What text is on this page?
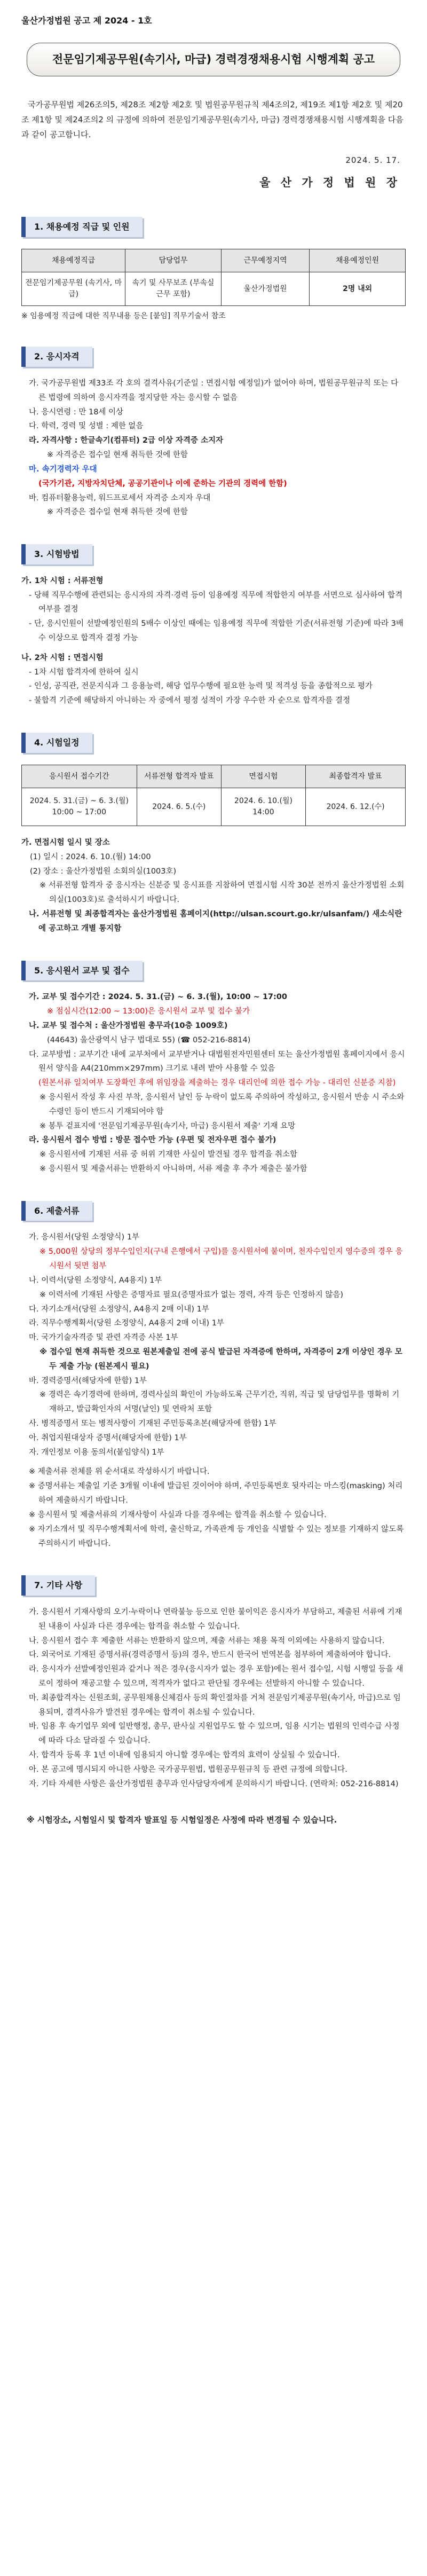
울산가정법원 공고 제 2024 - 1호
전문임기제공무원(속기사, 마급) 경력경쟁채용시험 시행계획 공고

국가공무원법 제26조의5, 제28조 제2항 제2호 및 법원공무원규칙 제4조의2, 제19조 제1항 제2호 및 제20조 제1항 및 제24조의2 의 규정에 의하여 전문임기제공무원(속기사, 마급) 경력경쟁채용시험 시행계획을 다음과 같이 공고합니다.

2024. 5. 17.
울 산 가 정 법 원 장
1. 채용예정 직급 및 인원
채용예정직급	담당업무	근무예정지역	채용예정인원
전문임기제공무원 (속기사, 마급)	속기 및 사무보조 (부속실 근무 포함)	울산가정법원	2명 내외
※ 임용예정 직급에 대한 직무내용 등은 [붙임] 직무기술서 참조
2. 응시자격
가. 국가공무원법 제33조 각 호의 결격사유(기준일 : 면접시험 예정일)가 없어야 하며, 법원공무원규칙 또는 다른 법령에 의하여 응시자격을 정지당한 자는 응시할 수 없음
나. 응시연령 : 만 18세 이상
다. 학력, 경력 및 성별 : 제한 없음
라. 자격사항 : 한글속기(컴퓨터) 2급 이상 자격증 소지자
※ 자격증은 접수일 현재 취득한 것에 한함
마. 속기경력자 우대
(국가기관, 지방자치단체, 공공기관이나 이에 준하는 기관의 경력에 한함)
바. 컴퓨터활용능력, 워드프로세서 자격증 소지자 우대
※ 자격증은 접수일 현재 취득한 것에 한함
3. 시험방법
가. 1차 시험 : 서류전형
- 당해 직무수행에 관련되는 응시자의 자격·경력 등이 임용예정 직무에 적합한지 여부를 서면으로 심사하여 합격 여부를 결정
- 단, 응시인원이 선발예정인원의 5배수 이상인 때에는 임용예정 직무에 적합한 기준(서류전형 기준)에 따라 3배수 이상으로 합격자 결정 가능
나. 2차 시험 : 면접시험
- 1차 시험 합격자에 한하여 실시
- 인성, 공직관, 전문지식과 그 응용능력, 해당 업무수행에 필요한 능력 및 적격성 등을 종합적으로 평가
- 불합격 기준에 해당하지 아니하는 자 중에서 평정 성적이 가장 우수한 자 순으로 합격자를 결정
4. 시험일정
응시원서 접수기간	서류전형 합격자 발표	면접시험	최종합격자 발표
2024. 5. 31.(금) ~ 6. 3.(월) 10:00 ~ 17:00	2024. 6. 5.(수)	2024. 6. 10.(월) 14:00	2024. 6. 12.(수)
가. 면접시험 일시 및 장소
(1) 일시 : 2024. 6. 10.(월) 14:00
(2) 장소 : 울산가정법원 소회의실(1003호)
※ 서류전형 합격자 중 응시자는 신분증 및 응시표를 지참하여 면접시험 시작 30분 전까지 울산가정법원 소회의실(1003호)로 출석하시기 바랍니다.
나. 서류전형 및 최종합격자는 울산가정법원 홈페이지(http://ulsan.scourt.go.kr/ulsanfam/) 새소식란에 공고하고 개별 통지함
5. 응시원서 교부 및 접수
가. 교부 및 접수기간 : 2024. 5. 31.(금) ~ 6. 3.(월), 10:00 ~ 17:00
※ 점심시간(12:00 ~ 13:00)은 응시원서 교부 및 접수 불가
나. 교부 및 접수처 : 울산가정법원 총무과(10층 1009호)
(44643) 울산광역시 남구 법대로 55) (☎ 052-216-8814)
다. 교부방법 : 교부기간 내에 교부처에서 교부받거나 대법원전자민원센터 또는 울산가정법원 홈페이지에서 응시원서 양식을 A4(210mm×297mm) 크기로 내려 받아 사용할 수 있음
(원본서류 일치여부 도장확인 후에 위임장을 제출하는 경우 대리인에 의한 접수 가능 - 대리인 신분증 지참)
※ 응시원서 작성 후 사진 부착, 응시원서 날인 등 누락이 없도록 주의하여 작성하고, 응시원서 반송 시 주소와 수령인 등이 반드시 기재되어야 함
※ 봉투 겉표지에 '전문임기제공무원(속기사, 마급) 응시원서 제출' 기재 요망
라. 응시원서 접수 방법 : 방문 접수만 가능 (우편 및 전자우편 접수 불가)
※ 응시원서에 기재된 서류 중 허위 기재한 사실이 발견될 경우 합격을 취소함
※ 응시원서 및 제출서류는 반환하지 아니하며, 서류 제출 후 추가 제출은 불가함
6. 제출서류
가. 응시원서(당원 소정양식) 1부
※ 5,000원 상당의 정부수입인지(구내 은행에서 구입)를 응시원서에 붙이며, 천자수입인지 영수증의 경우 응시원서 뒷면 첨부
나. 이력서(당원 소정양식, A4용지) 1부
※ 이력서에 기재된 사항은 증명자료 필요(증명자료가 없는 경력, 자격 등은 인정하지 않음)
다. 자기소개서(당원 소정양식, A4용지 2매 이내) 1부
라. 직무수행계획서(당원 소정양식, A4용지 2매 이내) 1부
마. 국가기술자격증 및 관련 자격증 사본 1부
※ 접수일 현재 취득한 것으로 원본제출일 전에 공식 발급된 자격증에 한하며, 자격증이 2개 이상인 경우 모두 제출 가능 (원본제시 필요)
바. 경력증명서(해당자에 한함) 1부
※ 경력은 속기경력에 한하며, 경력사실의 확인이 가능하도록 근무기간, 직위, 직급 및 담당업무를 명확히 기재하고, 발급확인자의 서명(날인) 및 연락처 포함
사. 병적증명서 또는 병적사항이 기재된 주민등록초본(해당자에 한함) 1부
아. 취업지원대상자 증명서(해당자에 한함) 1부
자. 개인정보 이용 동의서(붙임양식) 1부
※ 제출서류 전체를 위 순서대로 작성하시기 바랍니다.
※ 증명서류는 제출일 기준 3개월 이내에 발급된 것이어야 하며, 주민등록번호 뒷자리는 마스킹(masking) 처리하여 제출하시기 바랍니다.
※ 응시원서 및 제출서류의 기재사항이 사실과 다를 경우에는 합격을 취소할 수 있습니다.
※ 자기소개서 및 직무수행계획서에 학력, 출신학교, 가족관계 등 개인을 식별할 수 있는 정보를 기재하지 않도록 주의하시기 바랍니다.
7. 기타 사항
가. 응시원서 기재사항의 오기·누락이나 연락불능 등으로 인한 불이익은 응시자가 부담하고, 제출된 서류에 기재된 내용이 사실과 다른 경우에는 합격을 취소할 수 있습니다.
나. 응시원서 접수 후 제출한 서류는 반환하지 않으며, 제출 서류는 채용 목적 이외에는 사용하지 않습니다.
다. 외국어로 기재된 증명서류(경력증명서 등)의 경우, 반드시 한국어 번역본을 첨부하여 제출하여야 합니다.
라. 응시자가 선발예정인원과 같거나 적은 경우(응시자가 없는 경우 포함)에는 원서 접수일, 시험 시행일 등을 새로이 정하여 재공고할 수 있으며, 적격자가 없다고 판단될 경우에는 선발하지 아니할 수 있습니다.
마. 최종합격자는 신원조회, 공무원채용신체검사 등의 확인절차를 거쳐 전문임기제공무원(속기사, 마급)으로 임용되며, 결격사유가 발견된 경우에는 합격이 취소될 수 있습니다.
바. 임용 후 속기업무 외에 일반행정, 총무, 판사실 지원업무도 할 수 있으며, 임용 시기는 법원의 인력수급 사정에 따라 다소 달라질 수 있습니다.
사. 합격자 등록 후 1년 이내에 임용되지 아니할 경우에는 합격의 효력이 상실될 수 있습니다.
아. 본 공고에 명시되지 아니한 사항은 국가공무원법, 법원공무원규칙 등 관련 규정에 의합니다.
자. 기타 자세한 사항은 울산가정법원 총무과 인사담당자에게 문의하시기 바랍니다. (연락처: 052-216-8814)
※ 시험장소, 시험일시 및 합격자 발표일 등 시험일정은 사정에 따라 변경될 수 있습니다.
